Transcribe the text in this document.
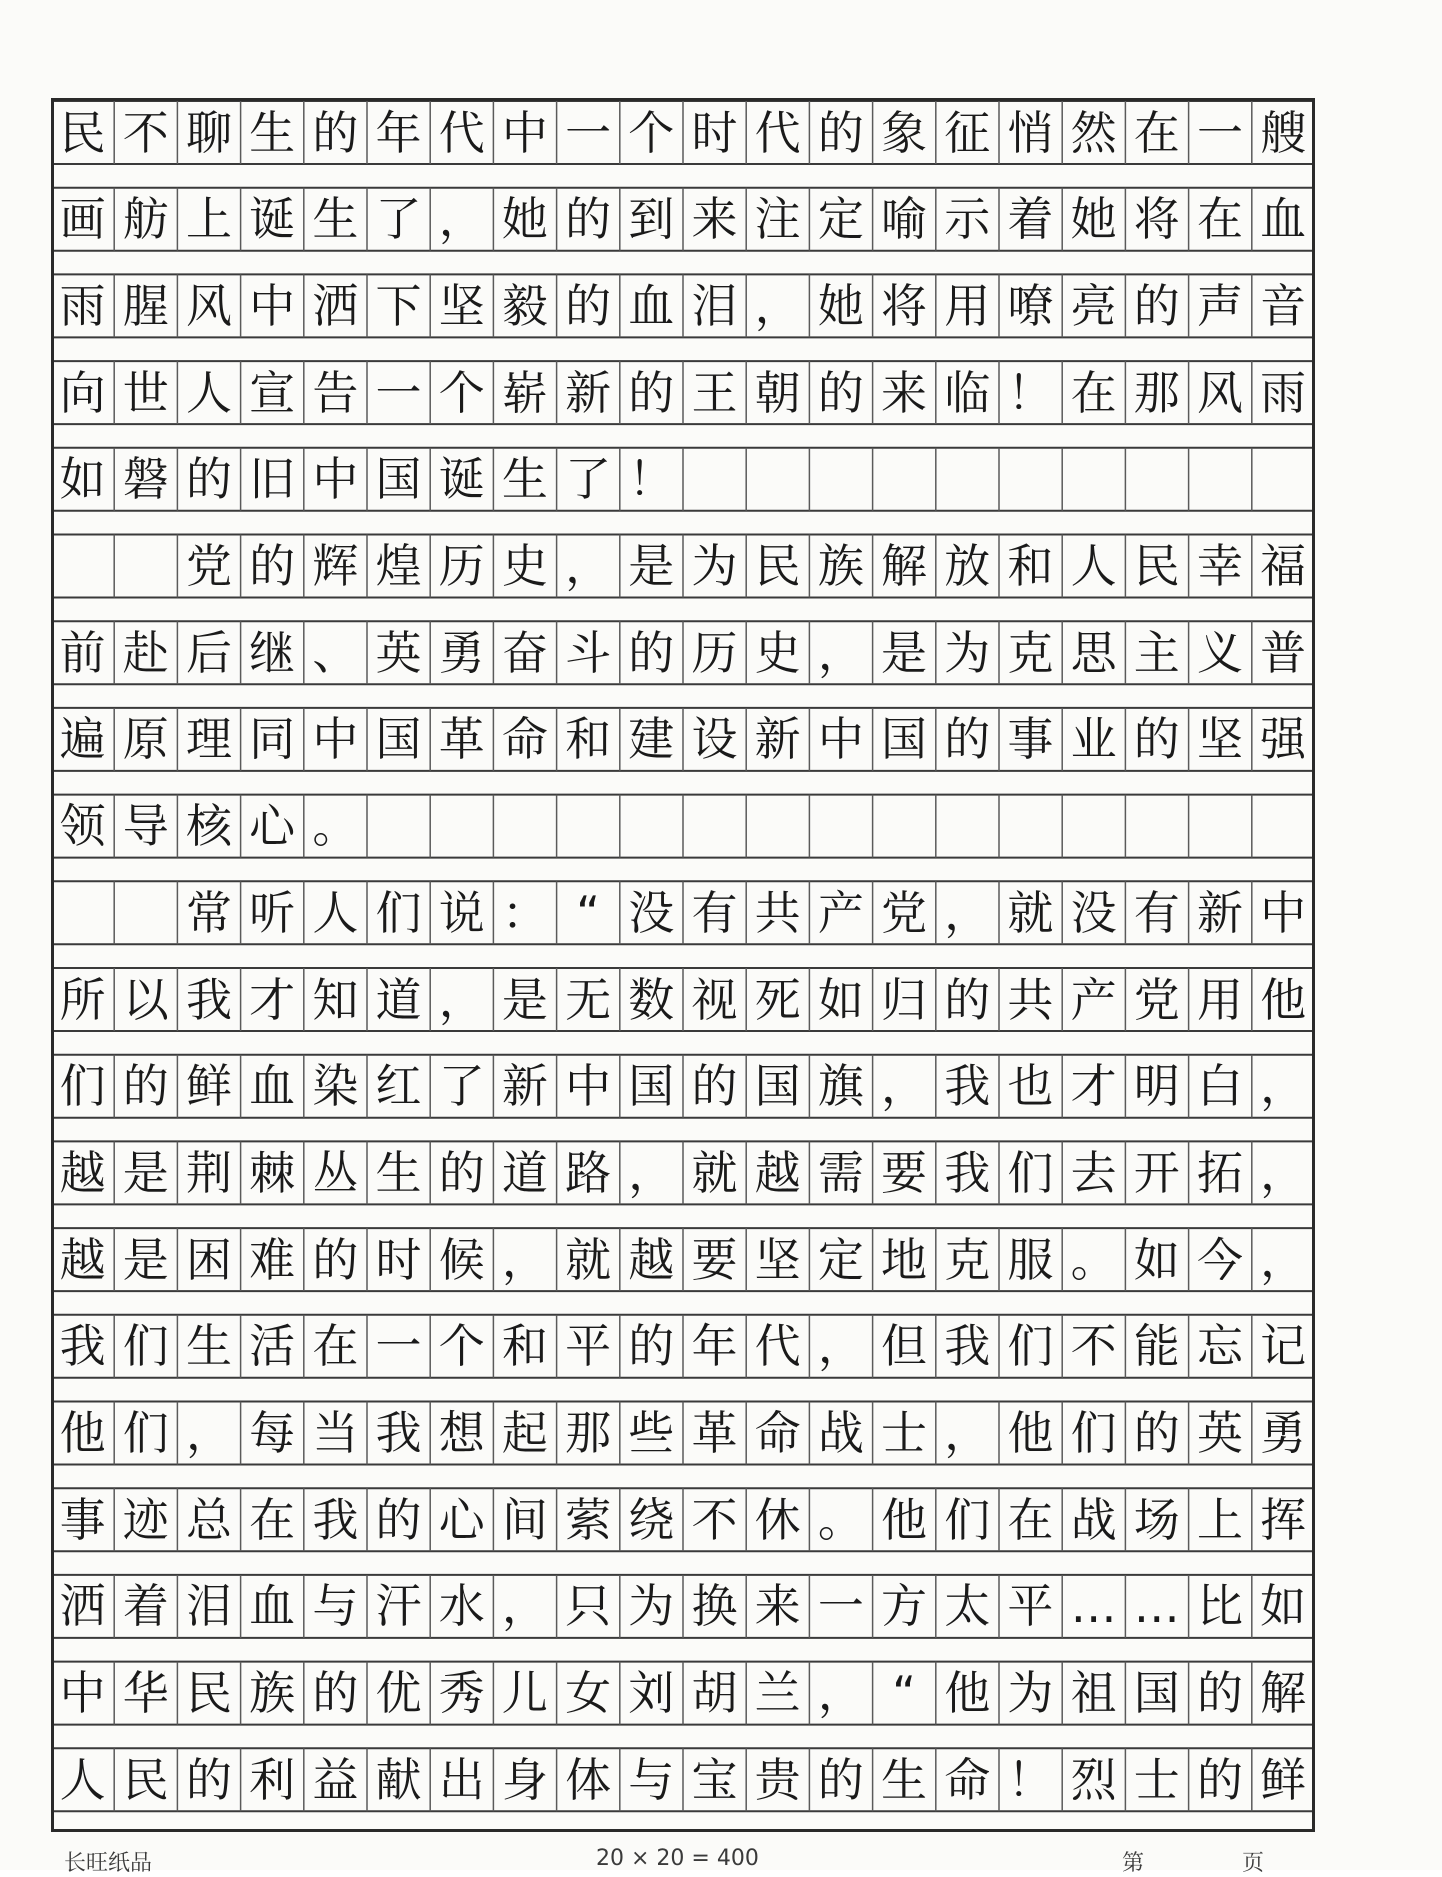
民 不 聊 生 的 年 代 中 一 个 时 代 的 象 征 悄 然 在 一 艘
画 舫 上 诞 生 了 ， 她 的 到 来 注 定 喻 示 着 她 将 在 血
雨 腥 风 中 洒 下 坚 毅 的 血 泪 ， 她 将 用 嘹 亮 的 声 音
向 世 人 宣 告 一 个 崭 新 的 王 朝 的 来 临 ！ 在 那 风 雨
如 磐 的 旧 中 国 诞 生 了 ！
党 的 辉 煌 历 史 ， 是 为 民 族 解 放 和 人 民 幸 福
前 赴 后 继 、 英 勇 奋 斗 的 历 史 ， 是 为 克 思 主 义 普
遍 原 理 同 中 国 革 命 和 建 设 新 中 国 的 事 业 的 坚 强
领 导 核 心 。
常 听 人 们 说 ： “ 没 有 共 产 党 ， 就 没 有 新 中
所 以 我 才 知 道 ， 是 无 数 视 死 如 归 的 共 产 党 用 他
们 的 鲜 血 染 红 了 新 中 国 的 国 旗 ， 我 也 才 明 白 ，
越 是 荆 棘 丛 生 的 道 路 ， 就 越 需 要 我 们 去 开 拓 ，
越 是 困 难 的 时 候 ， 就 越 要 坚 定 地 克 服 。 如 今 ，
我 们 生 活 在 一 个 和 平 的 年 代 ， 但 我 们 不 能 忘 记
他 们 ， 每 当 我 想 起 那 些 革 命 战 士 ， 他 们 的 英 勇
事 迹 总 在 我 的 心 间 萦 绕 不 休 。 他 们 在 战 场 上 挥
洒 着 泪 血 与 汗 水 ， 只 为 换 来 一 方 太 平 … … 比 如
中 华 民 族 的 优 秀 儿 女 刘 胡 兰 ， “ 他 为 祖 国 的 解
人 民 的 利 益 献 出 身 体 与 宝 贵 的 生 命 ！ 烈 士 的 鲜
长旺纸品	20 × 20 = 400	第	页
